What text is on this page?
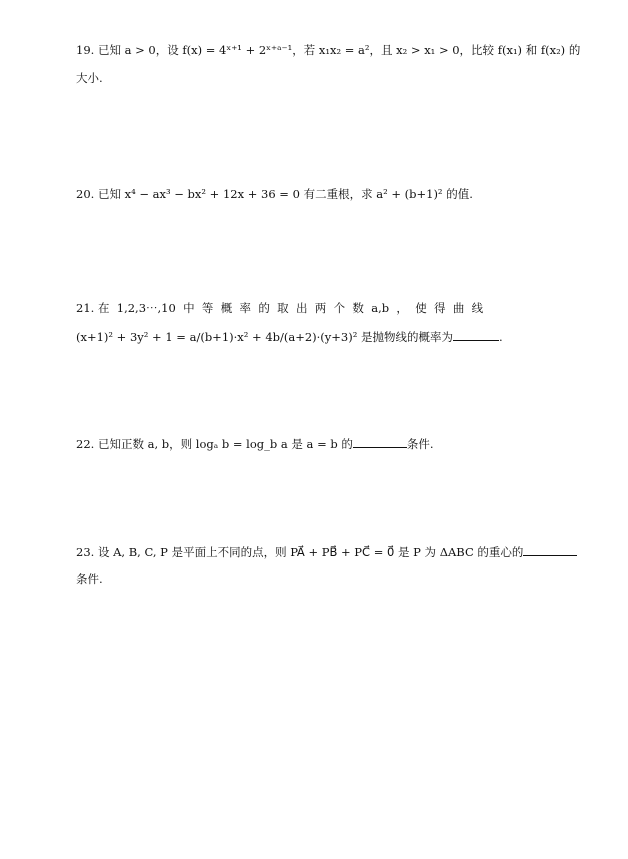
19. 已知 a > 0，设 f(x) = 4ˣ⁺¹ + 2ˣ⁺ᵃ⁻¹，若 x₁x₂ = a²，且 x₂ > x₁ > 0，比较 f(x₁) 和 f(x₂) 的
大小.
20. 已知 x⁴ − ax³ − bx² + 12x + 36 = 0 有二重根，求 a² + (b+1)² 的值.
21. 在  1,2,3⋯,10  中  等  概  率  的  取  出  两  个  数  a,b  ，  使  得  曲  线
(x+1)² + 3y² + 1 = a/(b+1)·x² + 4b/(a+2)·(y+3)² 是抛物线的概率为	.
22. 已知正数 a, b，则 logₐ b = log_b a 是 a = b 的	条件.
23. 设 A, B, C, P 是平面上不同的点，则 PA⃗ + PB⃗ + PC⃗ = 0⃗ 是 P 为 ΔABC 的重心的
条件.
